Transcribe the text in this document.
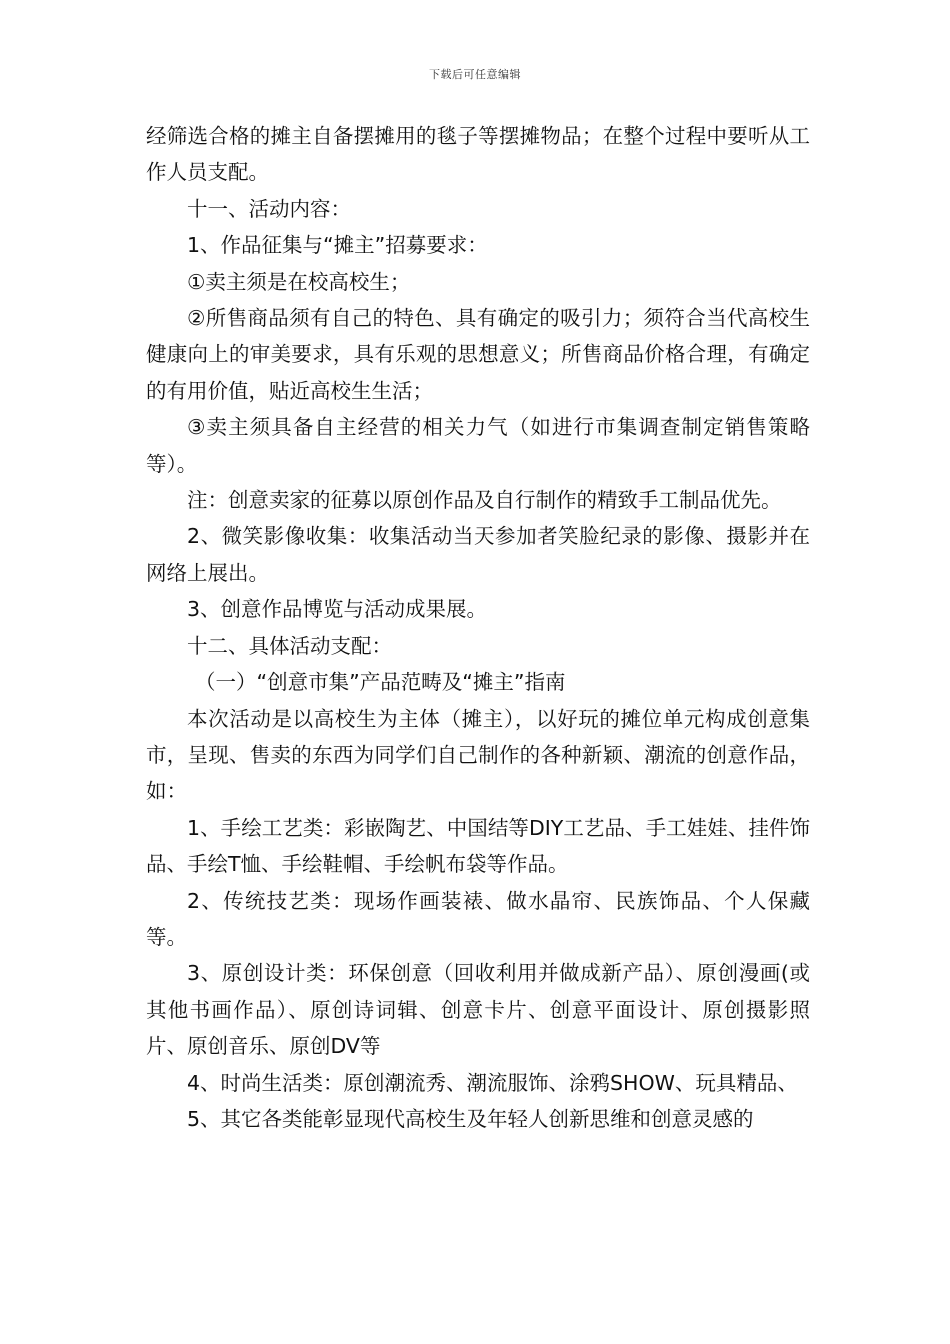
下载后可任意编辑

经筛选合格的摊主自备摆摊用的毯子等摆摊物品；在整个过程中要听从工作人员支配。

十一、活动内容：

1、作品征集与“摊主”招募要求：

①卖主须是在校高校生；

②所售商品须有自己的特色、具有确定的吸引力；须符合当代高校生健康向上的审美要求，具有乐观的思想意义；所售商品价格合理，有确定的有用价值，贴近高校生生活；

③卖主须具备自主经营的相关力气（如进行市集调查制定销售策略等）。

注：创意卖家的征募以原创作品及自行制作的精致手工制品优先。

2、微笑影像收集：收集活动当天参加者笑脸纪录的影像、摄影并在网络上展出。

3、创意作品博览与活动成果展。

十二、具体活动支配：

（一）“创意市集”产品范畴及“摊主”指南

本次活动是以高校生为主体（摊主），以好玩的摊位单元构成创意集市，呈现、售卖的东西为同学们自己制作的各种新颖、潮流的创意作品，如：

1、手绘工艺类：彩嵌陶艺、中国结等DIY工艺品、手工娃娃、挂件饰品、手绘T恤、手绘鞋帽、手绘帆布袋等作品。

2、传统技艺类：现场作画装裱、做水晶帘、民族饰品、个人保藏等。

3、原创设计类：环保创意（回收利用并做成新产品）、原创漫画(或其他书画作品）、原创诗词辑、创意卡片、创意平面设计、原创摄影照片、原创音乐、原创DV等

4、时尚生活类：原创潮流秀、潮流服饰、涂鸦SHOW、玩具精品、

5、其它各类能彰显现代高校生及年轻人创新思维和创意灵感的
